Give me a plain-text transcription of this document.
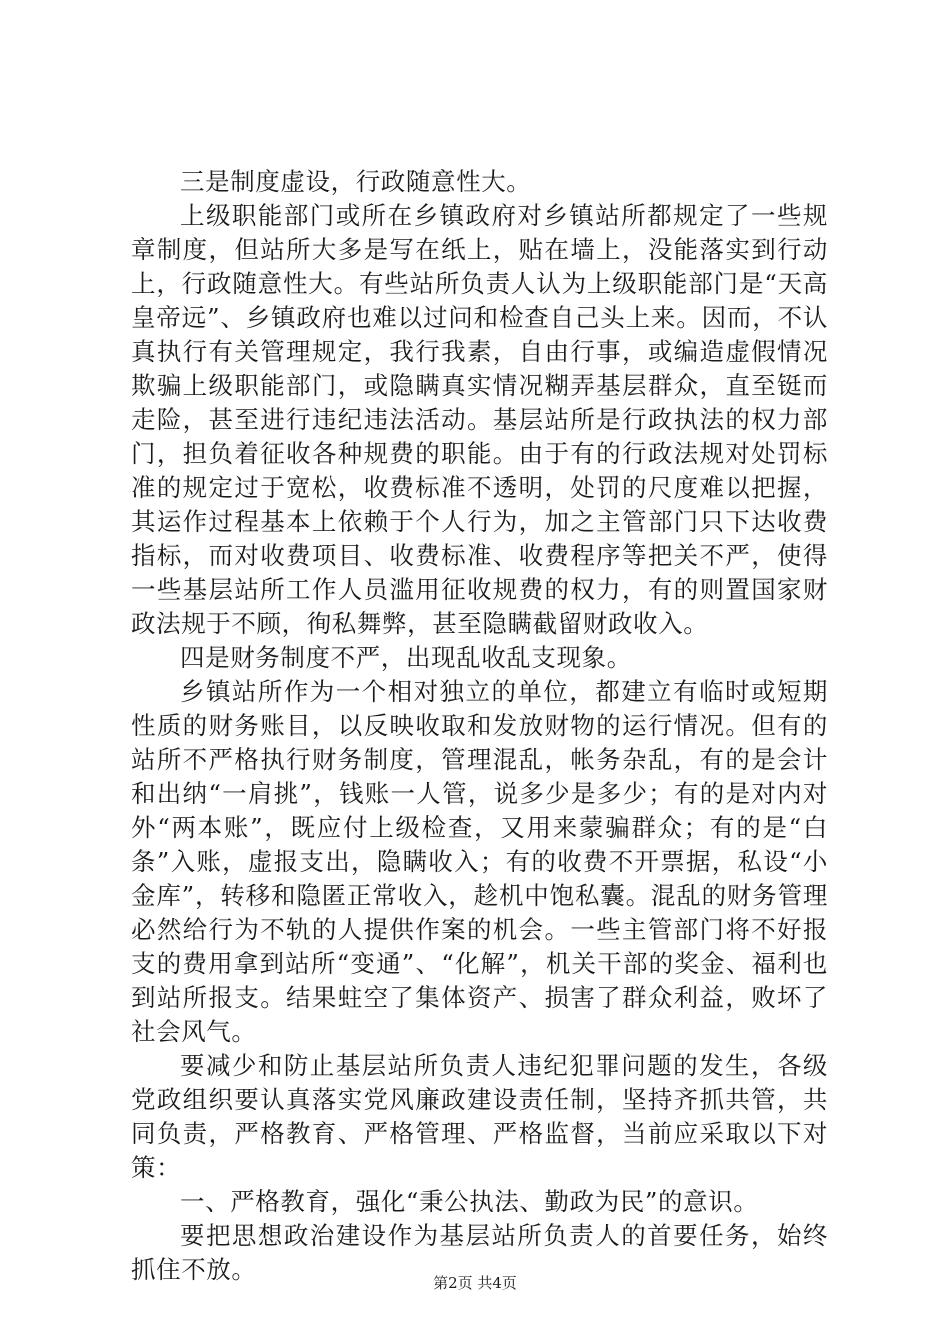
三是制度虚设，行政随意性大。

上级职能部门或所在乡镇政府对乡镇站所都规定了一些规章制度，但站所大多是写在纸上，贴在墙上，没能落实到行动上，行政随意性大。有些站所负责人认为上级职能部门是“天高皇帝远”、乡镇政府也难以过问和检查自己头上来。因而，不认真执行有关管理规定，我行我素，自由行事，或编造虚假情况欺骗上级职能部门，或隐瞒真实情况糊弄基层群众，直至铤而走险，甚至进行违纪违法活动。基层站所是行政执法的权力部门，担负着征收各种规费的职能。由于有的行政法规对处罚标准的规定过于宽松，收费标准不透明，处罚的尺度难以把握，其运作过程基本上依赖于个人行为，加之主管部门只下达收费指标，而对收费项目、收费标准、收费程序等把关不严，使得一些基层站所工作人员滥用征收规费的权力，有的则置国家财政法规于不顾，徇私舞弊，甚至隐瞒截留财政收入。

四是财务制度不严，出现乱收乱支现象。

乡镇站所作为一个相对独立的单位，都建立有临时或短期性质的财务账目，以反映收取和发放财物的运行情况。但有的站所不严格执行财务制度，管理混乱，帐务杂乱，有的是会计和出纳“一肩挑”，钱账一人管，说多少是多少；有的是对内对外“两本账”，既应付上级检查，又用来蒙骗群众；有的是“白条”入账，虚报支出，隐瞒收入；有的收费不开票据，私设“小金库”，转移和隐匿正常收入，趁机中饱私囊。混乱的财务管理必然给行为不轨的人提供作案的机会。一些主管部门将不好报支的费用拿到站所“变通”、“化解”，机关干部的奖金、福利也到站所报支。结果蛀空了集体资产、损害了群众利益，败坏了社会风气。

要减少和防止基层站所负责人违纪犯罪问题的发生，各级党政组织要认真落实党风廉政建设责任制，坚持齐抓共管，共同负责，严格教育、严格管理、严格监督，当前应采取以下对策：

一、严格教育，强化“秉公执法、勤政为民”的意识。

要把思想政治建设作为基层站所负责人的首要任务，始终抓住不放。	第2页 共4页
